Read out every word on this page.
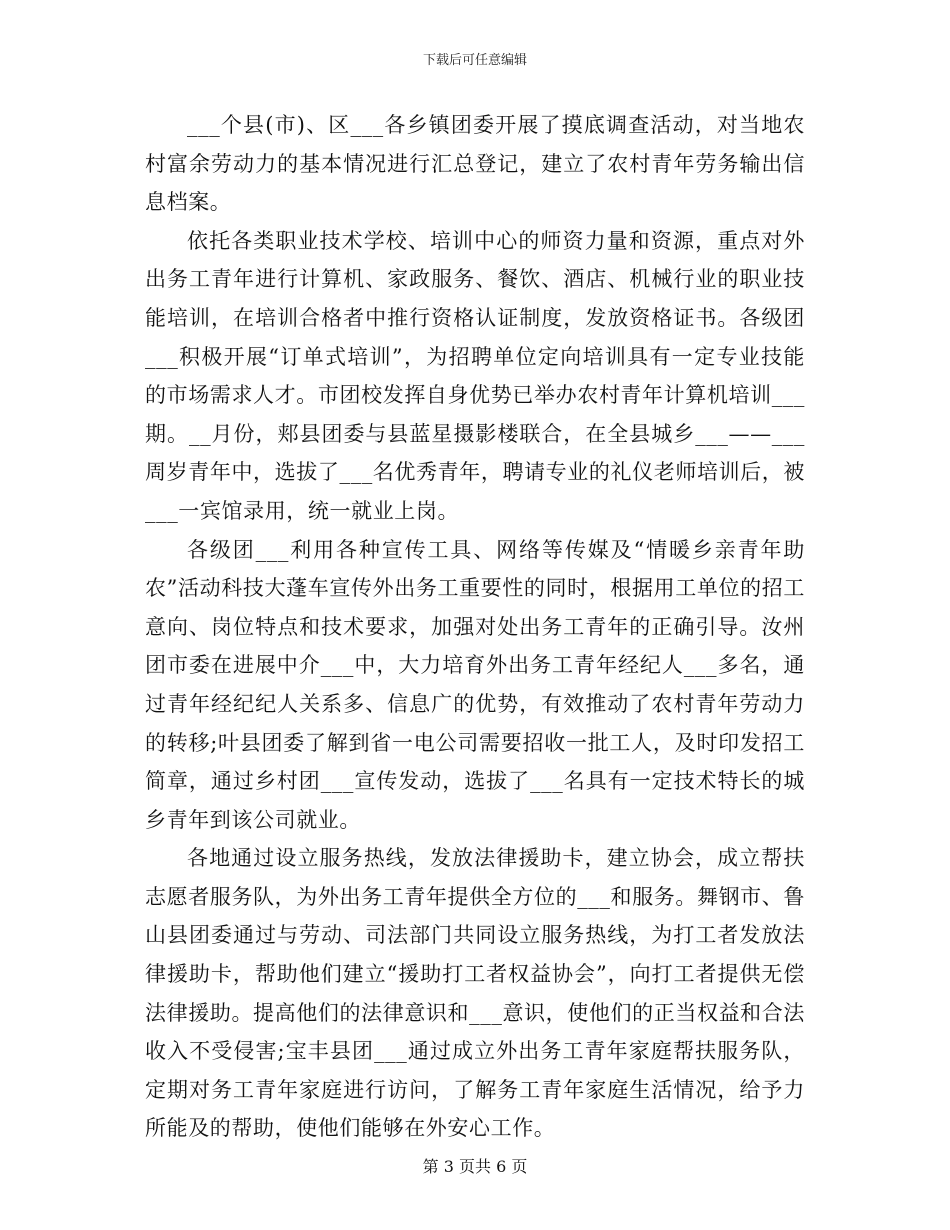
下载后可任意编辑

___个县(市)、区___各乡镇团委开展了摸底调查活动，对当地农村富余劳动力的基本情况进行汇总登记，建立了农村青年劳务输出信息档案。

依托各类职业技术学校、培训中心的师资力量和资源，重点对外出务工青年进行计算机、家政服务、餐饮、酒店、机械行业的职业技能培训，在培训合格者中推行资格认证制度，发放资格证书。各级团___积极开展“订单式培训”，为招聘单位定向培训具有一定专业技能的市场需求人才。市团校发挥自身优势已举办农村青年计算机培训___期。__月份，郏县团委与县蓝星摄影楼联合，在全县城乡___——___周岁青年中，选拔了___名优秀青年，聘请专业的礼仪老师培训后，被___一宾馆录用，统一就业上岗。

各级团___利用各种宣传工具、网络等传媒及“情暖乡亲青年助农”活动科技大蓬车宣传外出务工重要性的同时，根据用工单位的招工意向、岗位特点和技术要求，加强对处出务工青年的正确引导。汝州团市委在进展中介___中，大力培育外出务工青年经纪人___多名，通过青年经纪纪人关系多、信息广的优势，有效推动了农村青年劳动力的转移;叶县团委了解到省一电公司需要招收一批工人，及时印发招工简章，通过乡村团___宣传发动，选拔了___名具有一定技术特长的城乡青年到该公司就业。

各地通过设立服务热线，发放法律援助卡，建立协会，成立帮扶志愿者服务队，为外出务工青年提供全方位的___和服务。舞钢市、鲁山县团委通过与劳动、司法部门共同设立服务热线，为打工者发放法律援助卡，帮助他们建立“援助打工者权益协会”，向打工者提供无偿法律援助。提高他们的法律意识和___意识，使他们的正当权益和合法收入不受侵害;宝丰县团___通过成立外出务工青年家庭帮扶服务队，定期对务工青年家庭进行访问，了解务工青年家庭生活情况，给予力所能及的帮助，使他们能够在外安心工作。

第 3 页共 6 页
